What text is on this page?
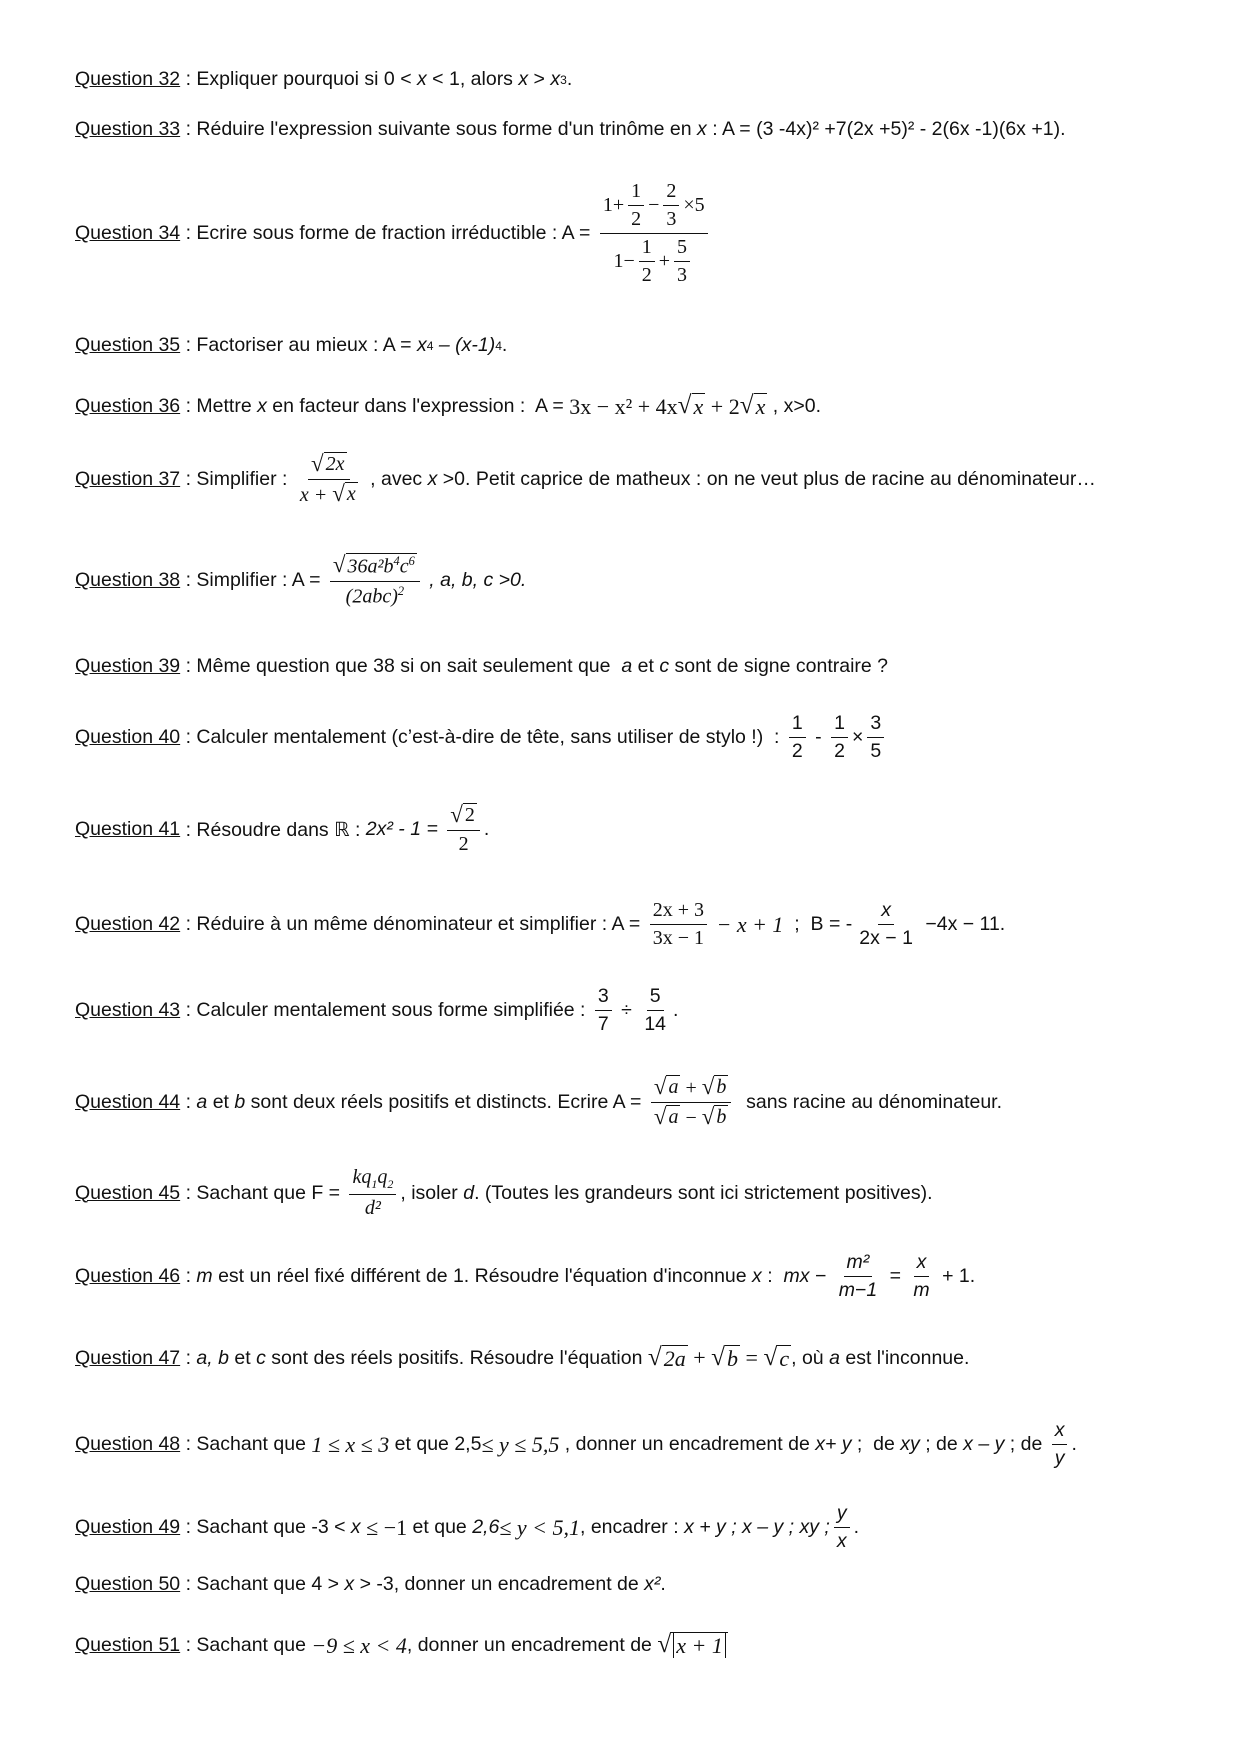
Question 32 : Expliquer pourquoi si 0 < x < 1, alors x > x 3 .
Question 33 : Réduire l'expression suivante sous forme d'un trinôme en x : A = (3 -4x)² +7(2x +5)² - 2(6x -1)(6x +1).
Question 34 : Ecrire sous forme de fraction irréductible : $A = \frac{1 + \frac{1}{2} - \frac{2}{3} \times 5}{1 - \frac{1}{2} + \frac{5}{3}}$
Question 35 : Factoriser au mieux : A = x 4 – (x-1) 4 .
Question 36 : Mettre x en facteur dans l'expression :  A = 3x − x² + 4x √ x + 2 √ x , x>0.
Question 37 : Simplifier :
√ 2x
x + √ x
, avec x >0. Petit caprice de matheux : on ne veut plus de racine au dénominateur…
Question 38 : Simplifier : A =
√ $36a^2b^4c^6$
$(2abc)^2$ , a, b, c >0.
Question 39 : Même question que 38 si on sait seulement que a et c sont de signe contraire ?
Question 40 : Calculer mentalement (c’est-à-dire de tête, sans utiliser de stylo !)  : $\frac{1}{2} - \frac{1}{2} \times \frac{3}{5}$
Question 41 : Résoudre dans ℝ : $2x^2 - 1 = \frac{√ 2}{2}$ .
Question 42 : Réduire à un même dénominateur et simplifier : $A = \frac{2x + 3}{3x - 1} - x + 1$ ;  B = - $\frac{x}{2x - 1} -4x - 11$.
Question 43 : Calculer mentalement sous forme simplifiée : $\frac{3}{7} \div \frac{5}{14}$ .
Question 44 : a et b sont deux réels positifs et distincts. Ecrire $A = \frac{√ a + √ b}{√ a - √ b}$ sans racine au dénominateur.
Question 45 : Sachant que $F = \frac{kq_1q_2}{\text{d²}}$ , isoler d . (Toutes les grandeurs sont ici strictement positives).
Question 46 : m est un réel fixé différent de 1. Résoudre l'équation d'inconnue x : mx − $\frac{\text{m²}}{m-1} = \frac{x}{m} + 1$.
Question 47 : a, b et c sont des réels positifs. Résoudre l'équation √ 2a + √ b = √ c , où a est l'inconnue.
Question 48 : Sachant que 1 ≤ x ≤ 3 et que 2,5 ≤ y ≤ 5,5 , donner un encadrement de x+ y ;  de xy ; de x – y ; de $\frac{x}{y}$ .
Question 49 : Sachant que -3 < x ≤ −1 et que 2,6 ≤ y < 5,1 , encadrer : x + y ; x – y ; xy ; $\frac{y}{x}$ .
Question 50 : Sachant que 4 > x > -3, donner un encadrement de x² .
Question 51 : Sachant que −9 ≤ x < 4 , donner un encadrement de √ x + 1
